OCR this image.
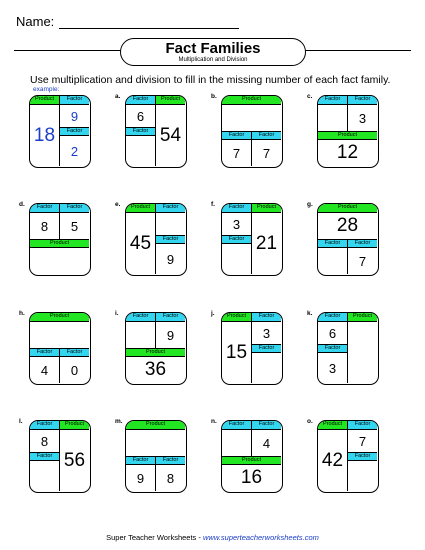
Name:
Fact Families
Multiplication and Division
Use multiplication and division to fill in the missing number of each fact family.
example:
Product	Factor
18
9
Factor
2
a.	Factor	Product
6
Factor 54
b.	Product
Factor	Factor
7	7
c.	Factor	Factor
3
Product
12
d.	Factor	Factor
8	5
Product
e.	Product	Factor
45	Factor
9
f.	Factor	Product
3
Factor 21
g.	Product
28
Factor	Factor
7
h.	Product
Factor	Factor
4	0
i.	Factor	Factor
9
Product
36
j.	Product	Factor
15
3
Factor
k.	Factor	Product
6
Factor
3
l.	Factor	Product
8
Factor 56
m.	Product
Factor	Factor
9	8
n.	Factor	Factor
4
Product
16
o.	Product	Factor
42
7
Factor
Super Teacher Worksheets - www.superteacherworksheets.com
